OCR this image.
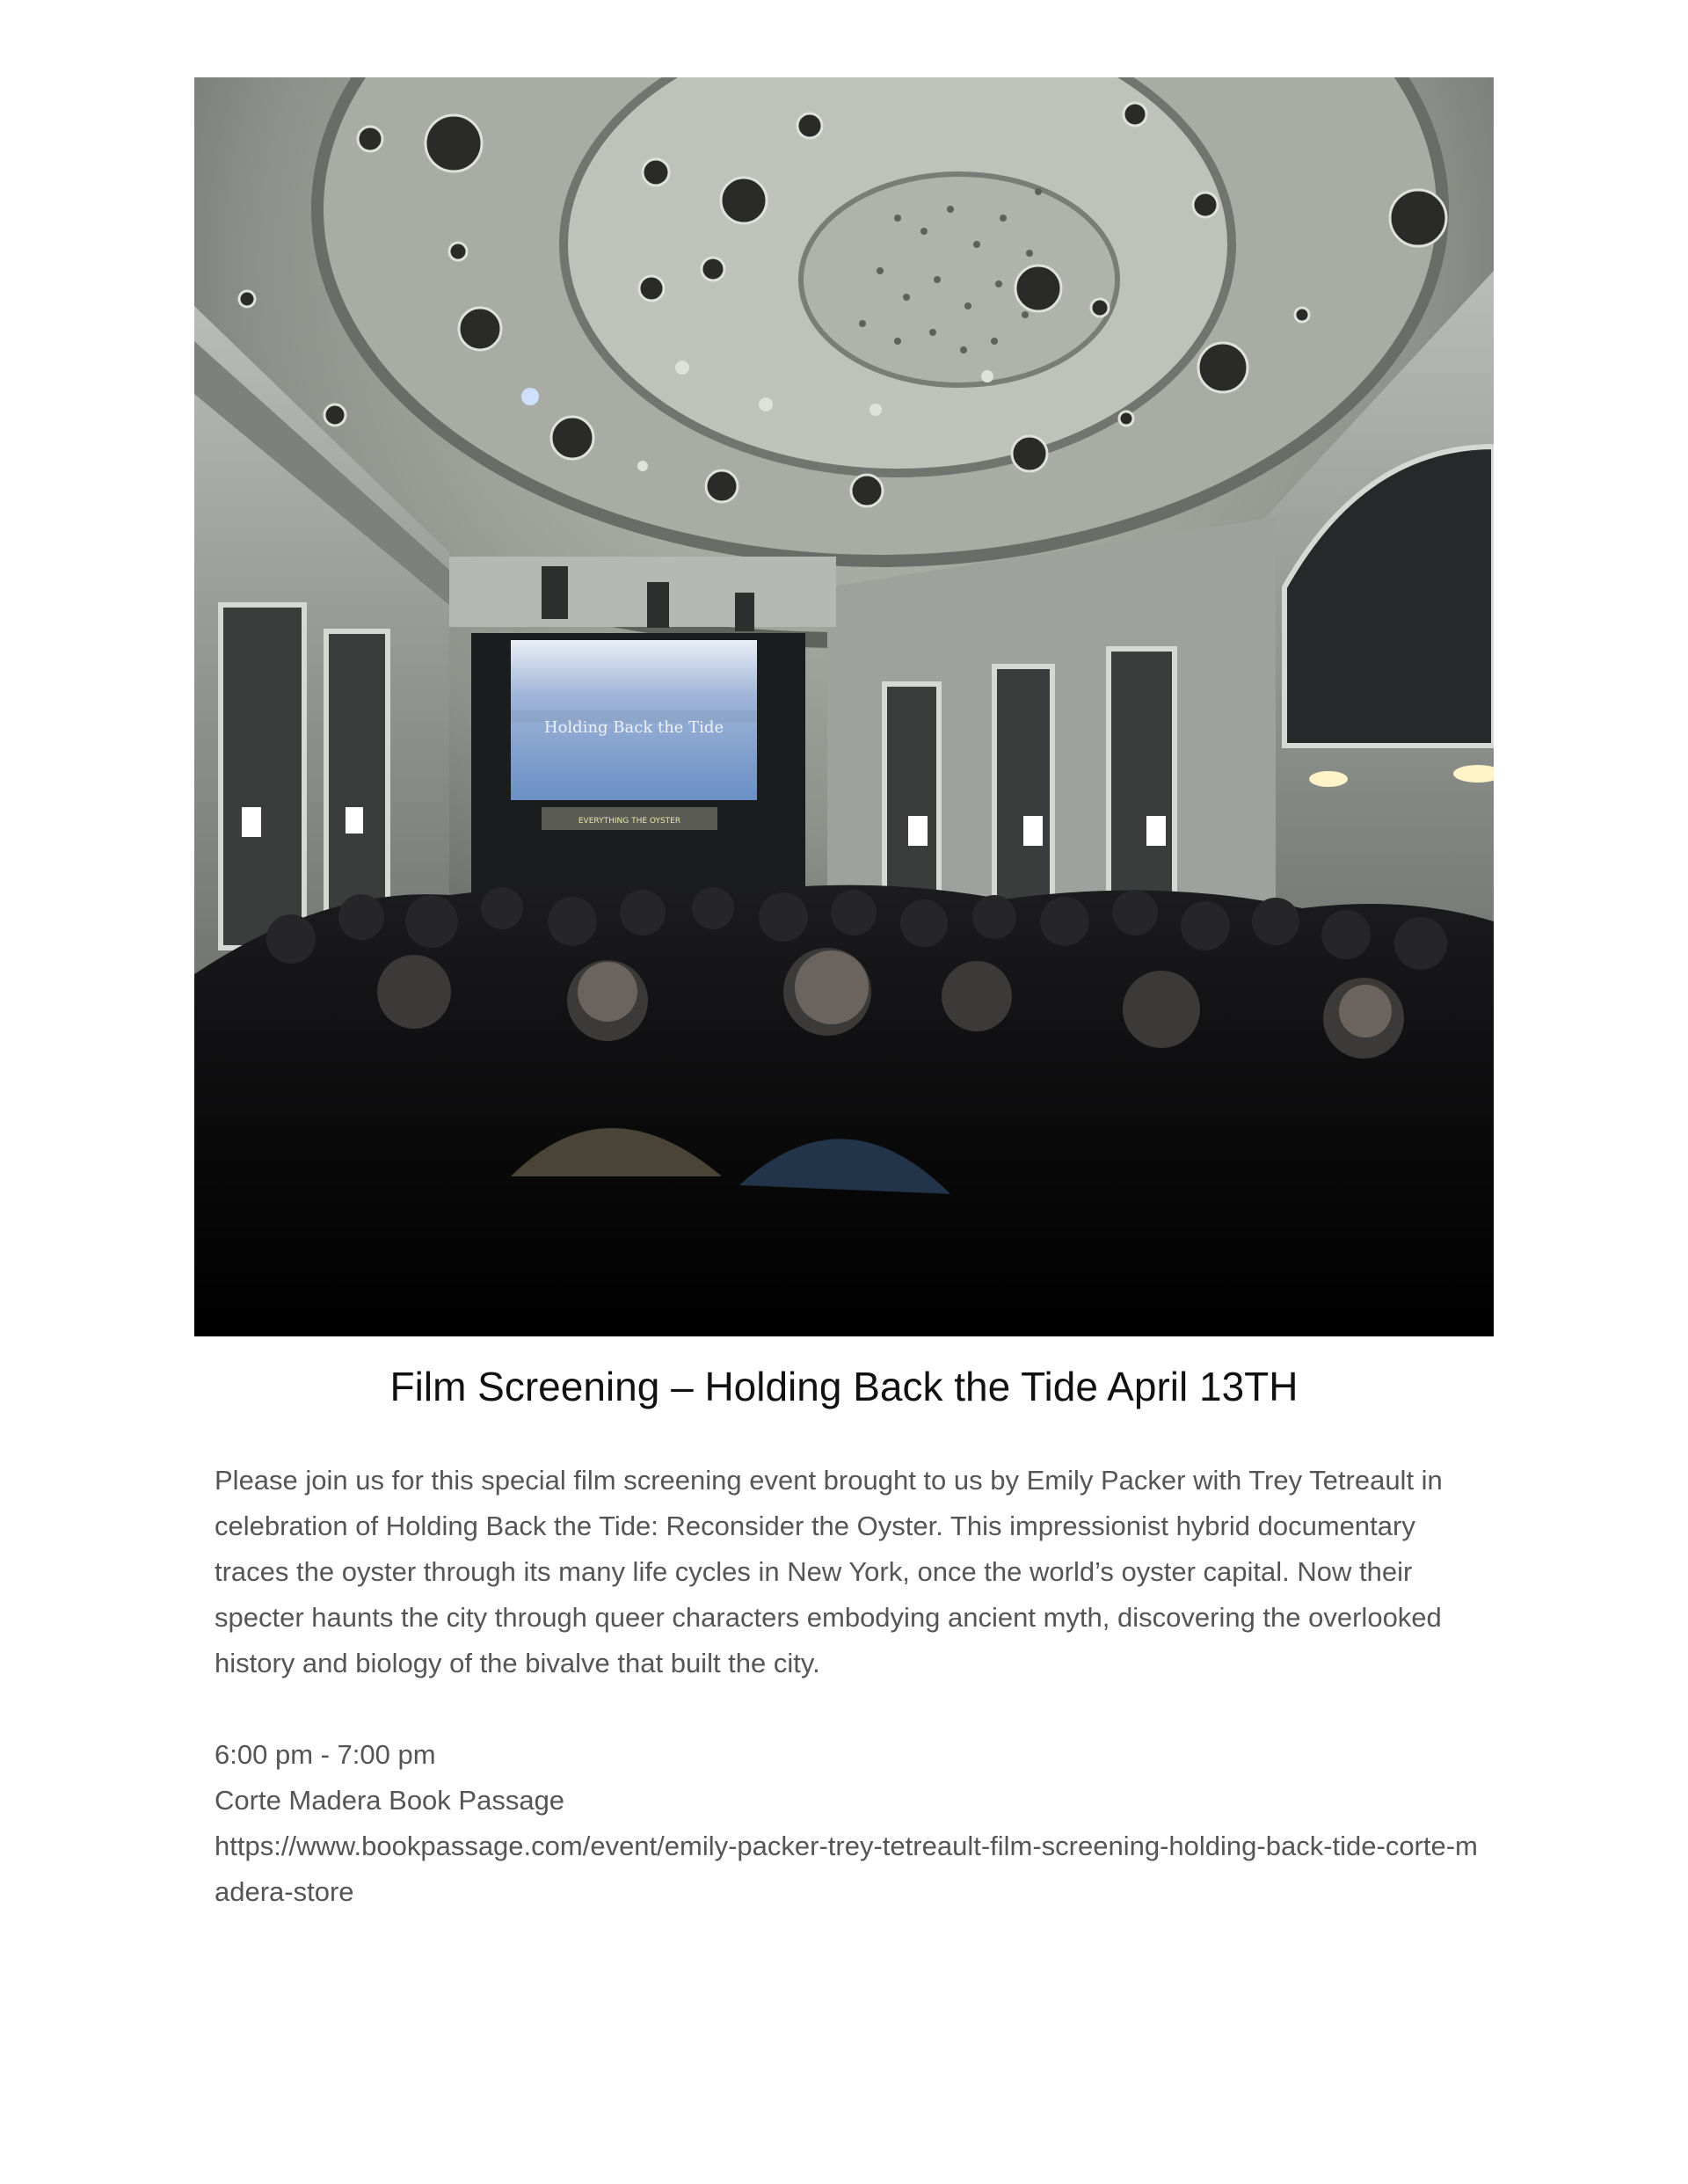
Holding Back the Tide
EVERYTHING THE OYSTER
Film Screening – Holding Back the Tide April 13TH

Please join us for this special film screening event brought to us by Emily Packer with Trey Tetreault in celebration of Holding Back the Tide: Reconsider the Oyster. This impressionist hybrid documentary traces the oyster through its many life cycles in New York, once the world’s oyster capital. Now their specter haunts the city through queer characters embodying ancient myth, discovering the overlooked history and biology of the bivalve that built the city.

6:00 pm - 7:00 pm
Corte Madera Book Passage
https://www.bookpassage.com/event/emily-packer-trey-tetreault-film-screening-holding-back-tide-corte-madera-store
